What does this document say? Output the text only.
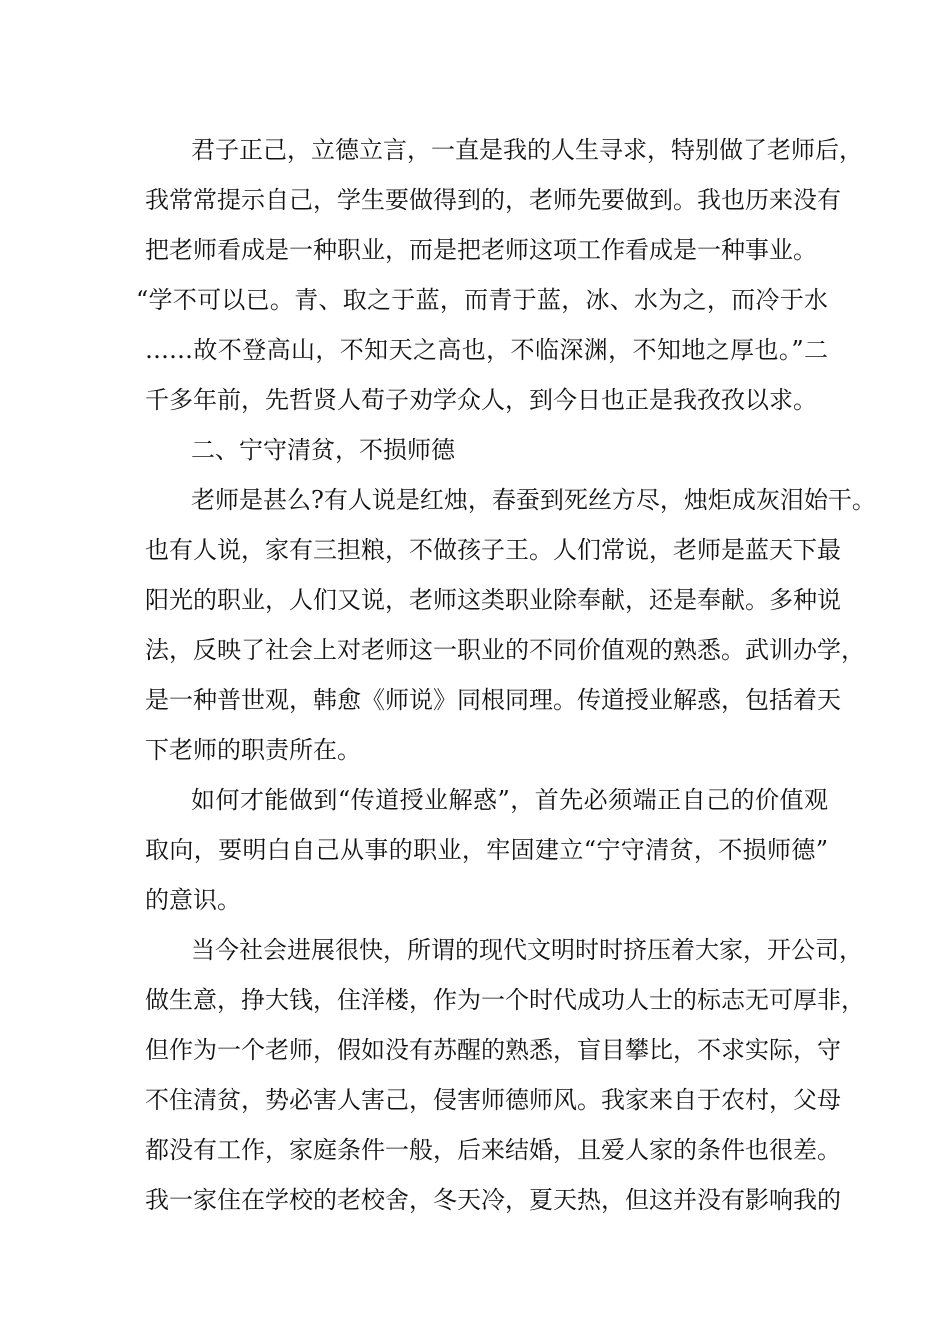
君子正己，立德立言，一直是我的人生寻求，特别做了老师后，

我常常提示自己，学生要做得到的，老师先要做到。我也历来没有

把老师看成是一种职业，而是把老师这项工作看成是一种事业。

“学不可以已。青、取之于蓝，而青于蓝，冰、水为之，而冷于水

……故不登高山，不知天之高也，不临深渊，不知地之厚也。”二

千多年前，先哲贤人荀子劝学众人，到今日也正是我孜孜以求。

二、宁守清贫，不损师德

老师是甚么?有人说是红烛，春蚕到死丝方尽，烛炬成灰泪始干。

也有人说，家有三担粮，不做孩子王。人们常说，老师是蓝天下最

阳光的职业，人们又说，老师这类职业除奉献，还是奉献。多种说

法，反映了社会上对老师这一职业的不同价值观的熟悉。武训办学，

是一种普世观，韩愈《师说》同根同理。传道授业解惑，包括着天

下老师的职责所在。

如何才能做到“传道授业解惑”，首先必须端正自己的价值观

取向，要明白自己从事的职业，牢固建立“宁守清贫，不损师德”

的意识。

当今社会进展很快，所谓的现代文明时时挤压着大家，开公司，

做生意，挣大钱，住洋楼，作为一个时代成功人士的标志无可厚非，

但作为一个老师，假如没有苏醒的熟悉，盲目攀比，不求实际，守

不住清贫，势必害人害己，侵害师德师风。我家来自于农村，父母

都没有工作，家庭条件一般，后来结婚，且爱人家的条件也很差。

我一家住在学校的老校舍，冬天冷，夏天热，但这并没有影响我的
